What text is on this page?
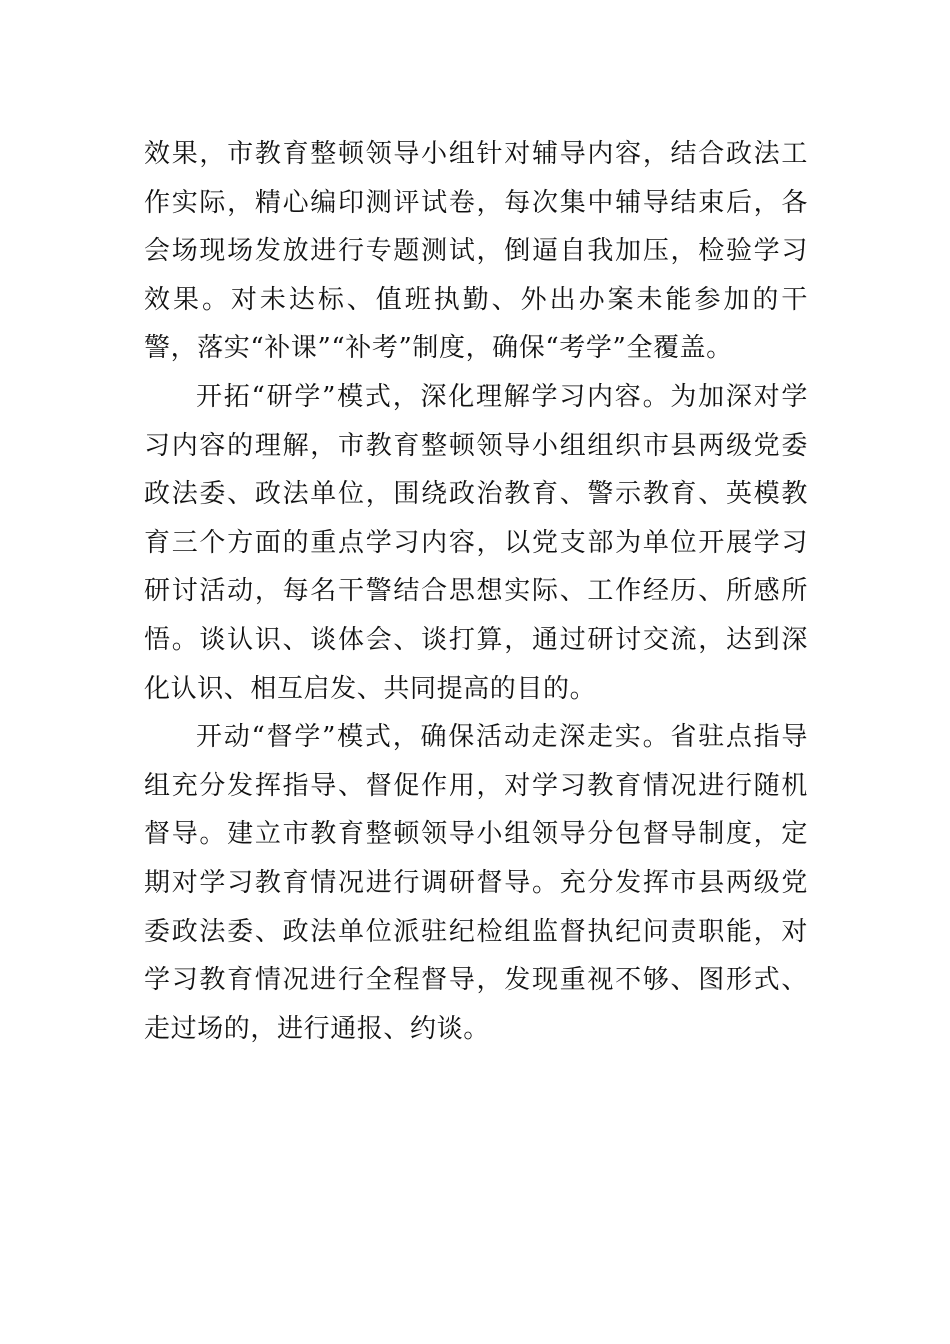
效果，市教育整顿领导小组针对辅导内容，结合政法工作实际，精心编印测评试卷，每次集中辅导结束后，各会场现场发放进行专题测试，倒逼自我加压，检验学习效果。对未达标、值班执勤、外出办案未能参加的干警，落实“补课”“补考”制度，确保“考学”全覆盖。

开拓“研学”模式，深化理解学习内容。为加深对学习内容的理解，市教育整顿领导小组组织市县两级党委政法委、政法单位，围绕政治教育、警示教育、英模教育三个方面的重点学习内容，以党支部为单位开展学习研讨活动，每名干警结合思想实际、工作经历、所感所悟。谈认识、谈体会、谈打算，通过研讨交流，达到深化认识、相互启发、共同提高的目的。

开动“督学”模式，确保活动走深走实。省驻点指导组充分发挥指导、督促作用，对学习教育情况进行随机督导。建立市教育整顿领导小组领导分包督导制度，定期对学习教育情况进行调研督导。充分发挥市县两级党委政法委、政法单位派驻纪检组监督执纪问责职能，对学习教育情况进行全程督导，发现重视不够、图形式、走过场的，进行通报、约谈。
